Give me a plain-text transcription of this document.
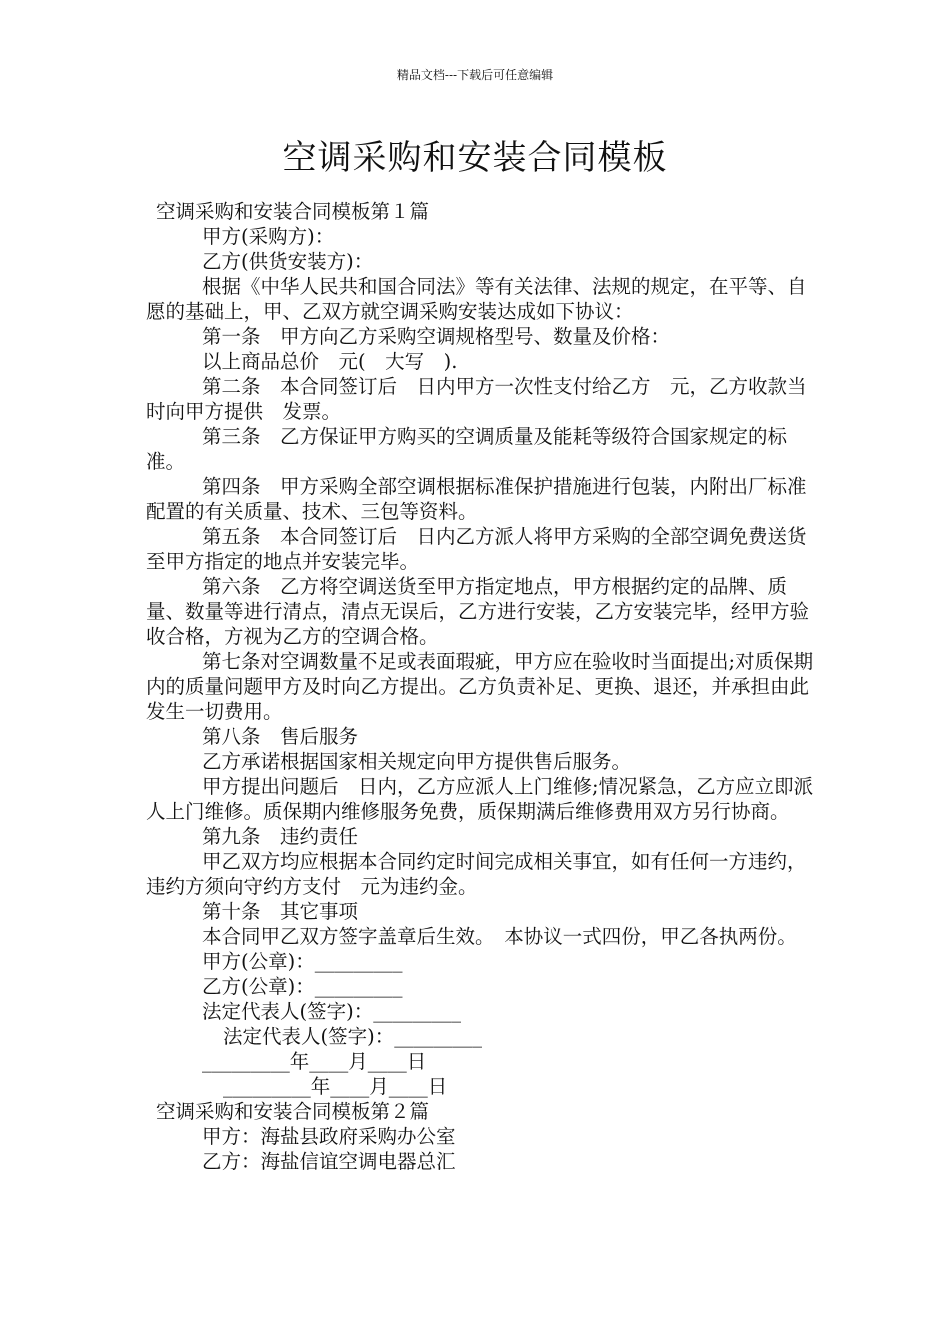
精品文档---下载后可任意编辑
空调采购和安装合同模板

空调采购和安装合同模板第１篇

甲方(采购方)：

乙方(供货安装方)：

根据《中华人民共和国合同法》等有关法律、法规的规定，在平等、自愿的基础上，甲、乙双方就空调采购安装达成如下协议：

第一条　甲方向乙方采购空调规格型号、数量及价格：

以上商品总价　元(　大写　).

第二条　本合同签订后　日内甲方一次性支付给乙方　元，乙方收款当时向甲方提供　发票。

第三条　乙方保证甲方购买的空调质量及能耗等级符合国家规定的标准。

第四条　甲方采购全部空调根据标准保护措施进行包装，内附出厂标准配置的有关质量、技术、三包等资料。

第五条　本合同签订后　日内乙方派人将甲方采购的全部空调免费送货至甲方指定的地点并安装完毕。

第六条　乙方将空调送货至甲方指定地点，甲方根据约定的品牌、质量、数量等进行清点，清点无误后，乙方进行安装，乙方安装完毕，经甲方验收合格，方视为乙方的空调合格。

第七条对空调数量不足或表面瑕疵，甲方应在验收时当面提出;对质保期内的质量问题甲方及时向乙方提出。乙方负责补足、更换、退还，并承担由此发生一切费用。

第八条　售后服务

乙方承诺根据国家相关规定向甲方提供售后服务。

甲方提出问题后　日内，乙方应派人上门维修;情况紧急，乙方应立即派人上门维修。质保期内维修服务免费，质保期满后维修费用双方另行协商。

第九条　违约责任

甲乙双方均应根据本合同约定时间完成相关事宜，如有任何一方违约，违约方须向守约方支付　元为违约金。

第十条　其它事项

本合同甲乙双方签字盖章后生效。　本协议一式四份，甲乙各执两份。

甲方(公章)：_________

乙方(公章)：_________

法定代表人(签字)：_________

法定代表人(签字)：_________

_________年____月____日

_________年____月____日

空调采购和安装合同模板第２篇

甲方：海盐县政府采购办公室

乙方：海盐信谊空调电器总汇
